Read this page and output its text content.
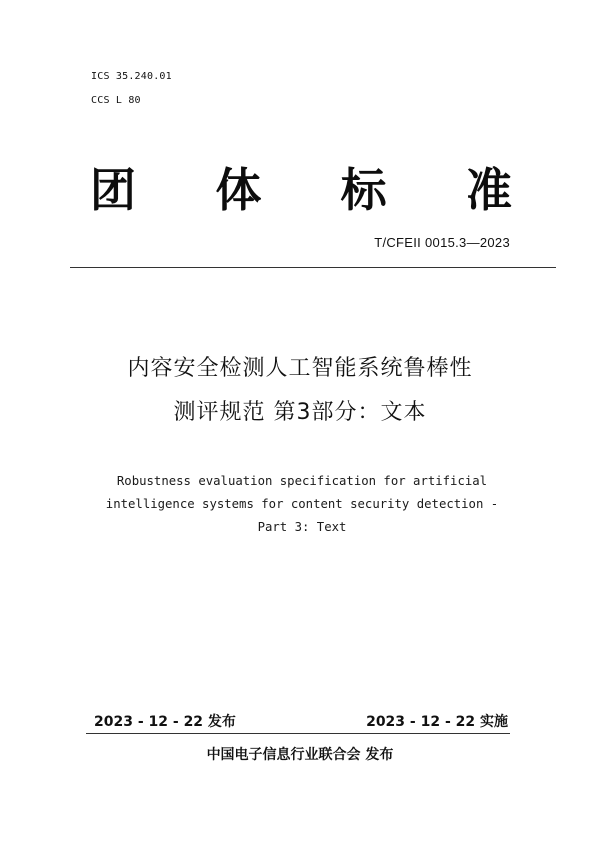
ICS 35.240.01
CCS L 80
团 体 标 准
T/CFEII 0015.3—2023
内容安全检测人工智能系统鲁棒性
测评规范 第3部分：文本
Robustness evaluation specification for artificial intelligence systems for content security detection - Part 3: Text
2023 - 12 - 22 发布	2023 - 12 - 22 实施
中国电子信息行业联合会 发布
